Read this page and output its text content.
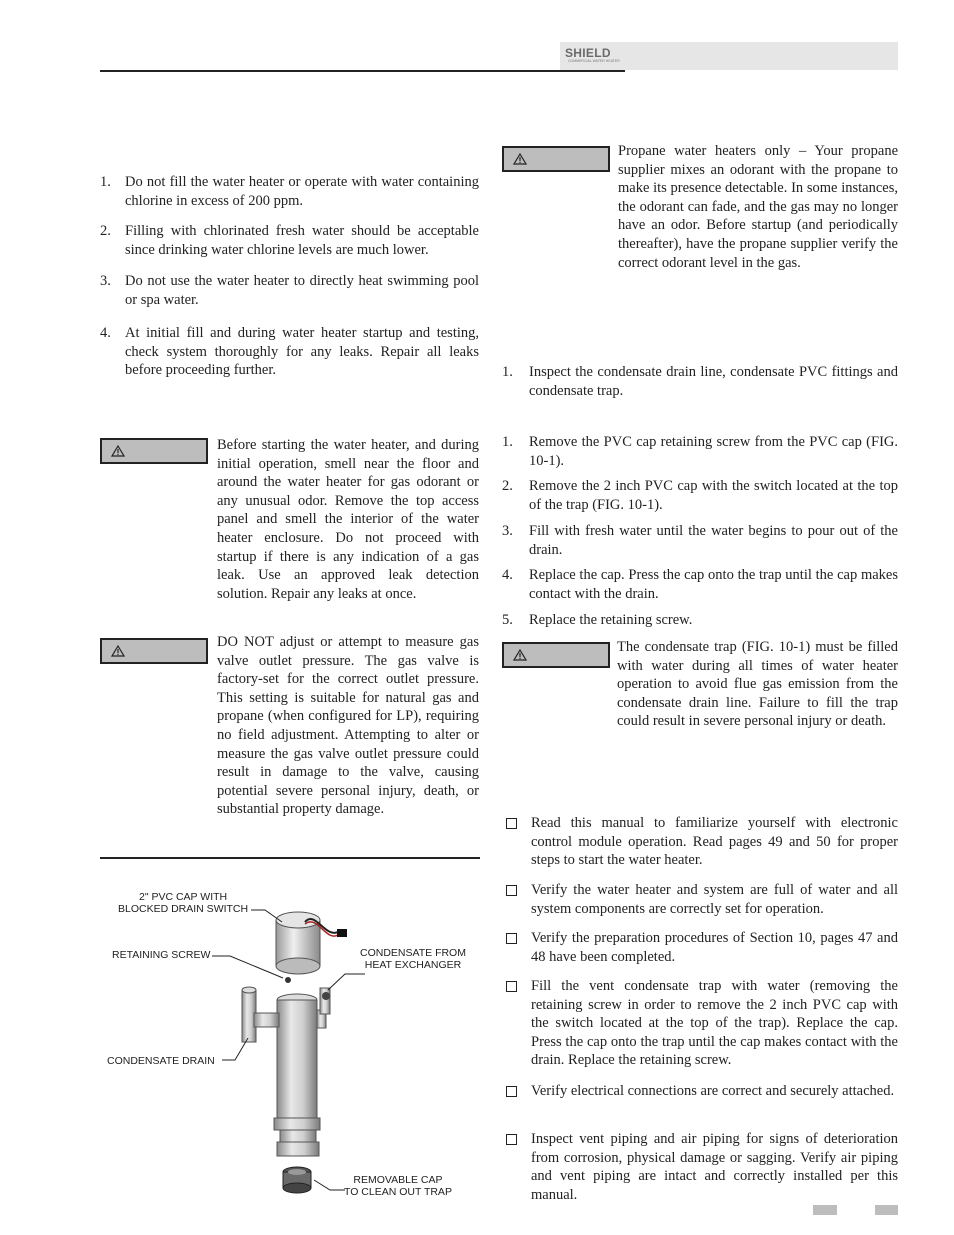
SHIELD
COMMERCIAL WATER HEATER
1. Do not fill the water heater or operate with water containing chlorine in excess of 200 ppm.
2. Filling with chlorinated fresh water should be acceptable since drinking water chlorine levels are much lower.
3. Do not use the water heater to directly heat swimming pool or spa water.
4. At initial fill and during water heater startup and testing, check system thoroughly for any leaks. Repair all leaks before proceeding further.
Before starting the water heater, and during initial operation, smell near the floor and around the water heater for gas odorant or any unusual odor. Remove the top access panel and smell the interior of the water heater enclosure. Do not proceed with startup if there is any indication of a gas leak. Use an approved leak detection solution. Repair any leaks at once.
DO NOT adjust or attempt to measure gas valve outlet pressure. The gas valve is factory-set for the correct outlet pressure. This setting is suitable for natural gas and propane (when configured for LP), requiring no field adjustment. Attempting to alter or measure the gas valve outlet pressure could result in damage to the valve, causing potential severe personal injury, death, or substantial property damage.
2" PVC CAP WITH
BLOCKED DRAIN SWITCH
RETAINING SCREW	CONDENSATE FROM
HEAT EXCHANGER
CONDENSATE DRAIN
REMOVABLE CAP
TO CLEAN OUT TRAP
Propane water heaters only – Your propane supplier mixes an odorant with the propane to make its presence detectable. In some instances, the odorant can fade, and the gas may no longer have an odor. Before startup (and periodically thereafter), have the propane supplier verify the correct odorant level in the gas.
1. Inspect the condensate drain line, condensate PVC fittings and condensate trap.
1. Remove the PVC cap retaining screw from the PVC cap (FIG. 10-1).
2. Remove the 2 inch PVC cap with the switch located at the top of the trap (FIG. 10-1).
3. Fill with fresh water until the water begins to pour out of the drain.
4. Replace the cap. Press the cap onto the trap until the cap makes contact with the drain.
5. Replace the retaining screw.
The condensate trap (FIG. 10-1) must be filled with water during all times of water heater operation to avoid flue gas emission from the condensate drain line. Failure to fill the trap could result in severe personal injury or death.
Read this manual to familiarize yourself with electronic control module operation. Read pages 49 and 50 for proper steps to start the water heater.
Verify the water heater and system are full of water and all system components are correctly set for operation.
Verify the preparation procedures of Section 10, pages 47 and 48 have been completed.
Fill the vent condensate trap with water (removing the retaining screw in order to remove the 2 inch PVC cap with the switch located at the top of the trap). Replace the cap. Press the cap onto the trap until the cap makes contact with the drain. Replace the retaining screw.
Verify electrical connections are correct and securely attached.
Inspect vent piping and air piping for signs of deterioration from corrosion, physical damage or sagging. Verify air piping and vent piping are intact and correctly installed per this manual.
